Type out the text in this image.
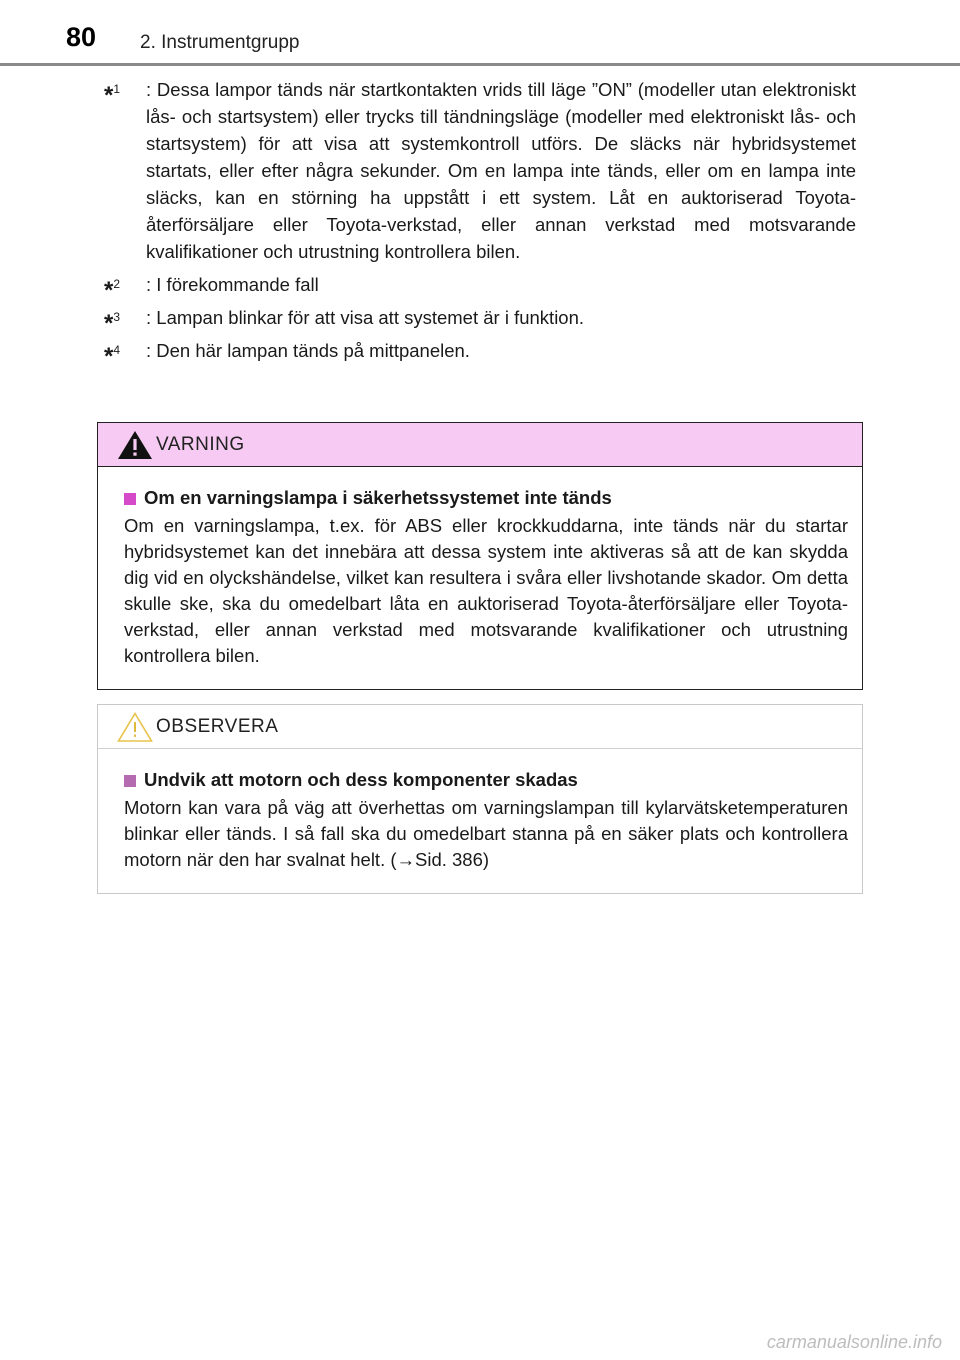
80 2. Instrumentgrupp
*$^1$ : Dessa lampor tänds när startkontakten vrids till läge ”ON” (modeller utan elektroniskt lås- och startsystem) eller trycks till tändningsläge (modeller med elektroniskt lås- och startsystem) för att visa att systemkontroll utförs. De släcks när hybridsystemet startats, eller efter några sekunder. Om en lampa inte tänds, eller om en lampa inte släcks, kan en störning ha uppstått i ett system. Låt en auktoriserad Toyota-återförsäljare eller Toyota-verkstad, eller annan verkstad med motsvarande kvalifikationer och utrustning kontrollera bilen.
*$^2$ : I förekommande fall
*$^3$ : Lampan blinkar för att visa att systemet är i funktion.
*$^4$ : Den här lampan tänds på mittpanelen.
VARNING
Om en varningslampa i säkerhetssystemet inte tänds
Om en varningslampa, t.ex. för ABS eller krockkuddarna, inte tänds när du startar hybridsystemet kan det innebära att dessa system inte aktiveras så att de kan skydda dig vid en olyckshändelse, vilket kan resultera i svåra eller livshotande skador. Om detta skulle ske, ska du omedelbart låta en auktoriserad Toyota-återförsäljare eller Toyota-verkstad, eller annan verkstad med motsvarande kvalifikationer och utrustning kontrollera bilen.
OBSERVERA
Undvik att motorn och dess komponenter skadas
Motorn kan vara på väg att överhettas om varningslampan till kylarvätsketemperaturen blinkar eller tänds. I så fall ska du omedelbart stanna på en säker plats och kontrollera motorn när den har svalnat helt. (→Sid. 386)
carmanualsonline.info
